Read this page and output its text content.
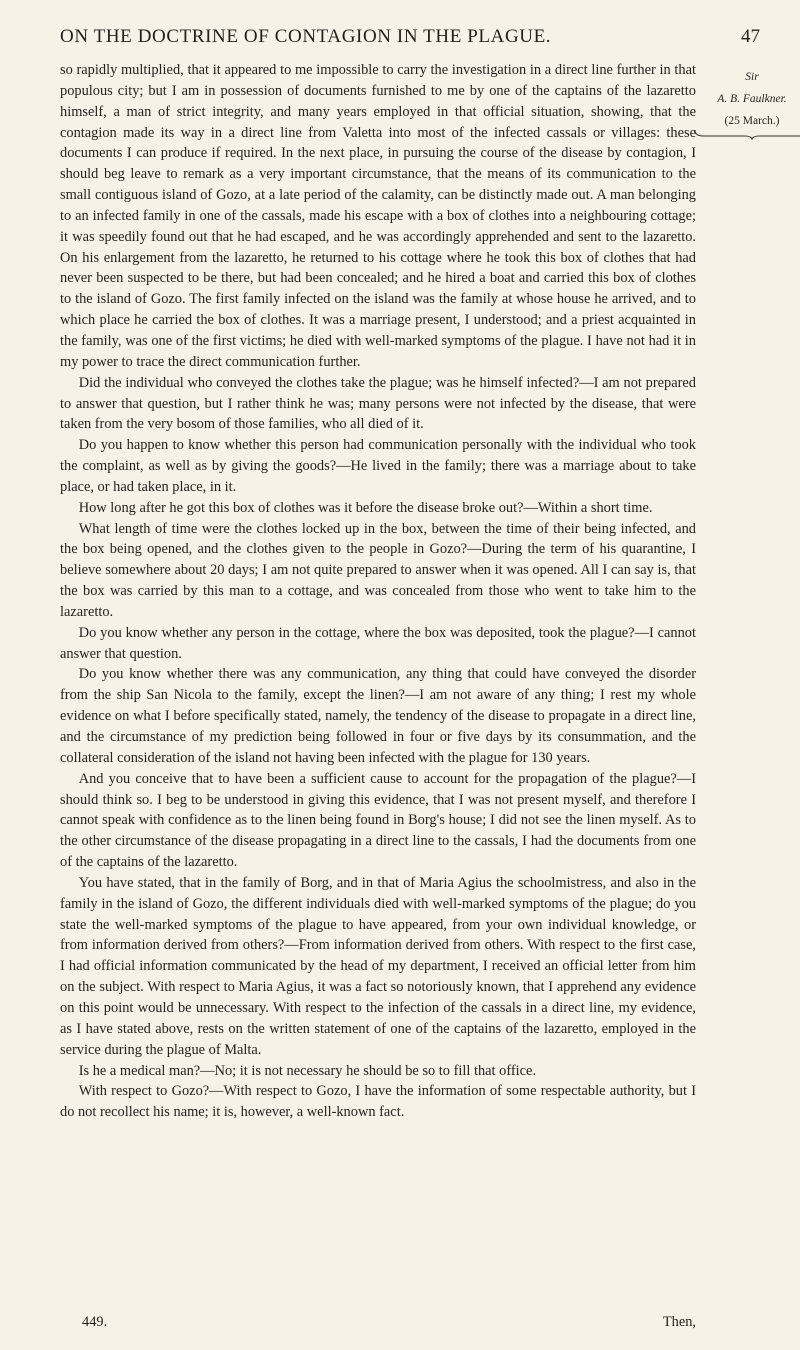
ON THE DOCTRINE OF CONTAGION IN THE PLAGUE.	47
Sir
A. B. Faulkner.
(25 March.)

so rapidly multiplied, that it appeared to me impossible to carry the investigation in a direct line further in that populous city; but I am in possession of documents furnished to me by one of the captains of the lazaretto himself, a man of strict integrity, and many years employed in that official situation, showing, that the contagion made its way in a direct line from Valetta into most of the infected cassals or villages: these documents I can produce if required. In the next place, in pursuing the course of the disease by contagion, I should beg leave to remark as a very important circumstance, that the means of its communication to the small contiguous island of Gozo, at a late period of the calamity, can be distinctly made out. A man belonging to an infected family in one of the cassals, made his escape with a box of clothes into a neighbouring cottage; it was speedily found out that he had escaped, and he was accordingly apprehended and sent to the lazaretto. On his enlargement from the lazaretto, he returned to his cottage where he took this box of clothes that had never been suspected to be there, but had been concealed; and he hired a boat and carried this box of clothes to the island of Gozo. The first family infected on the island was the family at whose house he arrived, and to which place he carried the box of clothes. It was a marriage present, I understood; and a priest acquainted in the family, was one of the first victims; he died with well-marked symptoms of the plague. I have not had it in my power to trace the direct communication further.

Did the individual who conveyed the clothes take the plague; was he himself infected?—I am not prepared to answer that question, but I rather think he was; many persons were not infected by the disease, that were taken from the very bosom of those families, who all died of it.

Do you happen to know whether this person had communication personally with the individual who took the complaint, as well as by giving the goods?—He lived in the family; there was a marriage about to take place, or had taken place, in it.

How long after he got this box of clothes was it before the disease broke out?—Within a short time.

What length of time were the clothes locked up in the box, between the time of their being infected, and the box being opened, and the clothes given to the people in Gozo?—During the term of his quarantine, I believe somewhere about 20 days; I am not quite prepared to answer when it was opened. All I can say is, that the box was carried by this man to a cottage, and was concealed from those who went to take him to the lazaretto.

Do you know whether any person in the cottage, where the box was deposited, took the plague?—I cannot answer that question.

Do you know whether there was any communication, any thing that could have conveyed the disorder from the ship San Nicola to the family, except the linen?—I am not aware of any thing; I rest my whole evidence on what I before specifically stated, namely, the tendency of the disease to propagate in a direct line, and the circumstance of my prediction being followed in four or five days by its consummation, and the collateral consideration of the island not having been infected with the plague for 130 years.

And you conceive that to have been a sufficient cause to account for the propagation of the plague?—I should think so. I beg to be understood in giving this evidence, that I was not present myself, and therefore I cannot speak with confidence as to the linen being found in Borg's house; I did not see the linen myself. As to the other circumstance of the disease propagating in a direct line to the cassals, I had the documents from one of the captains of the lazaretto.

You have stated, that in the family of Borg, and in that of Maria Agius the schoolmistress, and also in the family in the island of Gozo, the different individuals died with well-marked symptoms of the plague; do you state the well-marked symptoms of the plague to have appeared, from your own individual knowledge, or from information derived from others?—From information derived from others. With respect to the first case, I had official information communicated by the head of my department, I received an official letter from him on the subject. With respect to Maria Agius, it was a fact so notoriously known, that I apprehend any evidence on this point would be unnecessary. With respect to the infection of the cassals in a direct line, my evidence, as I have stated above, rests on the written statement of one of the captains of the lazaretto, employed in the service during the plague of Malta.

Is he a medical man?—No; it is not necessary he should be so to fill that office.

With respect to Gozo?—With respect to Gozo, I have the information of some respectable authority, but I do not recollect his name; it is, however, a well-known fact.

449.	Then,
